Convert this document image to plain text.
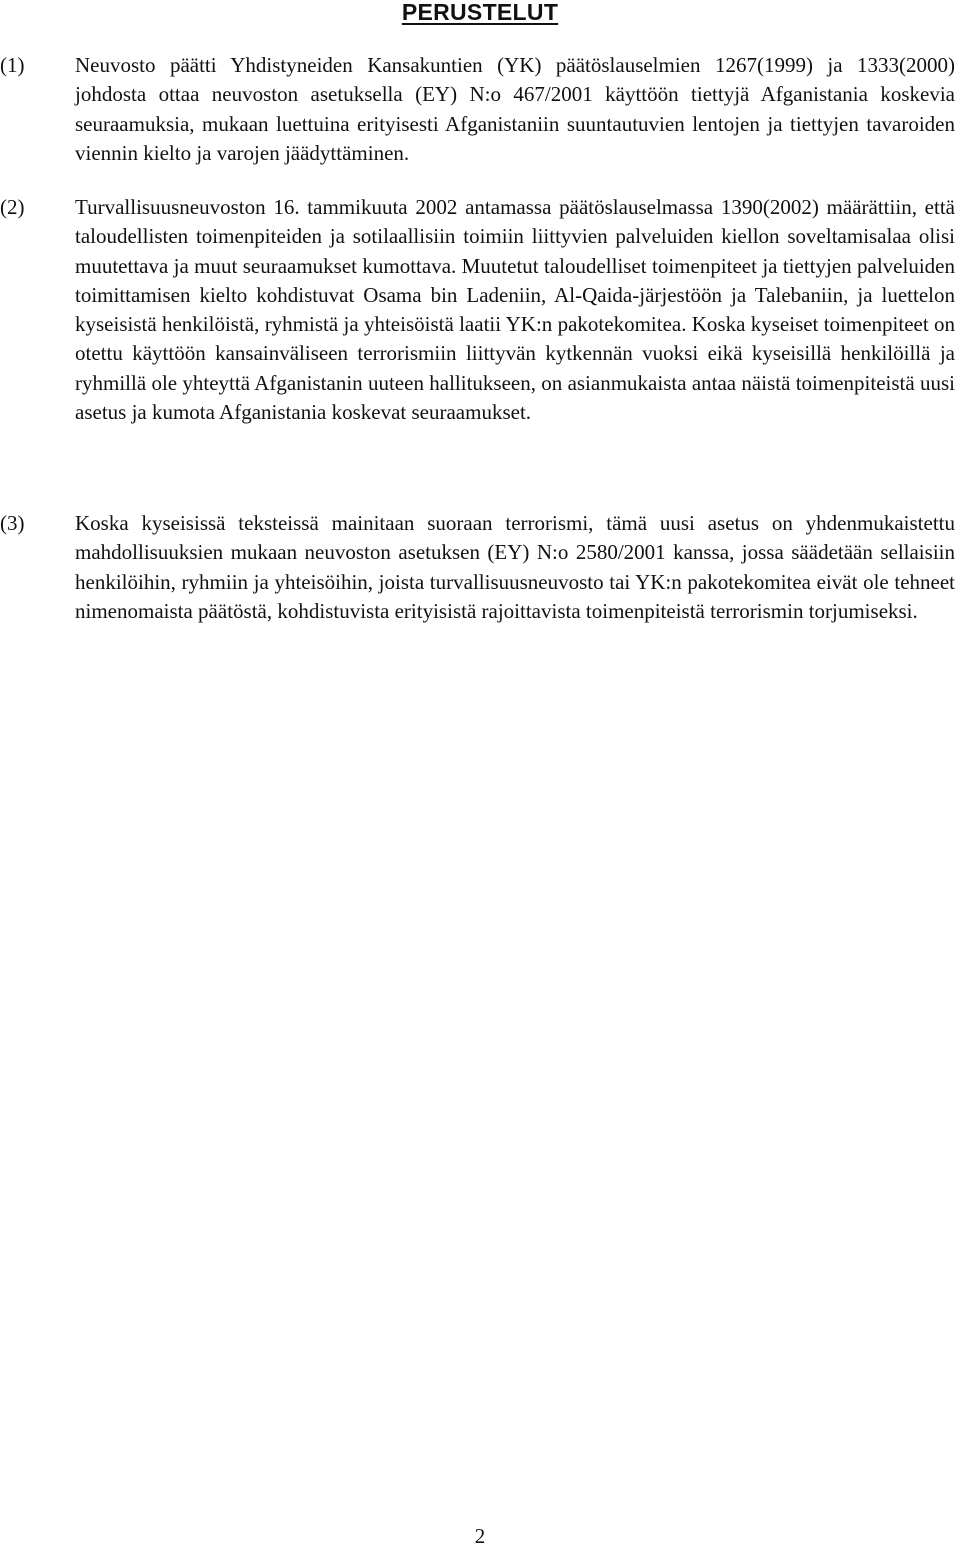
PERUSTELUT
(1)	Neuvosto päätti Yhdistyneiden Kansakuntien (YK) päätöslauselmien 1267(1999) ja 1333(2000) johdosta ottaa neuvoston asetuksella (EY) N:o 467/2001 käyttöön tiettyjä Afganistania koskevia seuraamuksia, mukaan luettuina erityisesti Afganistaniin suuntautuvien lentojen ja tiettyjen tavaroiden viennin kielto ja varojen jäädyttäminen.
(2)	Turvallisuusneuvoston 16. tammikuuta 2002 antamassa päätöslauselmassa 1390(2002) määrättiin, että taloudellisten toimenpiteiden ja sotilaallisiin toimiin liittyvien palveluiden kiellon soveltamisalaa olisi muutettava ja muut seuraamukset kumottava. Muutetut taloudelliset toimenpiteet ja tiettyjen palveluiden toimittamisen kielto kohdistuvat Osama bin Ladeniin, Al-Qaida-järjestöön ja Talebaniin, ja luettelon kyseisistä henkilöistä, ryhmistä ja yhteisöistä laatii YK:n pakotekomitea. Koska kyseiset toimenpiteet on otettu käyttöön kansainväliseen terrorismiin liittyvän kytkennän vuoksi eikä kyseisillä henkilöillä ja ryhmillä ole yhteyttä Afganistanin uuteen hallitukseen, on asianmukaista antaa näistä toimenpiteistä uusi asetus ja kumota Afganistania koskevat seuraamukset.
(3)	Koska kyseisissä teksteissä mainitaan suoraan terrorismi, tämä uusi asetus on yhdenmukaistettu mahdollisuuksien mukaan neuvoston asetuksen (EY) N:o 2580/2001 kanssa, jossa säädetään sellaisiin henkilöihin, ryhmiin ja yhteisöihin, joista turvallisuusneuvosto tai YK:n pakotekomitea eivät ole tehneet nimenomaista päätöstä, kohdistuvista erityisistä rajoittavista toimenpiteistä terrorismin torjumiseksi.
2
